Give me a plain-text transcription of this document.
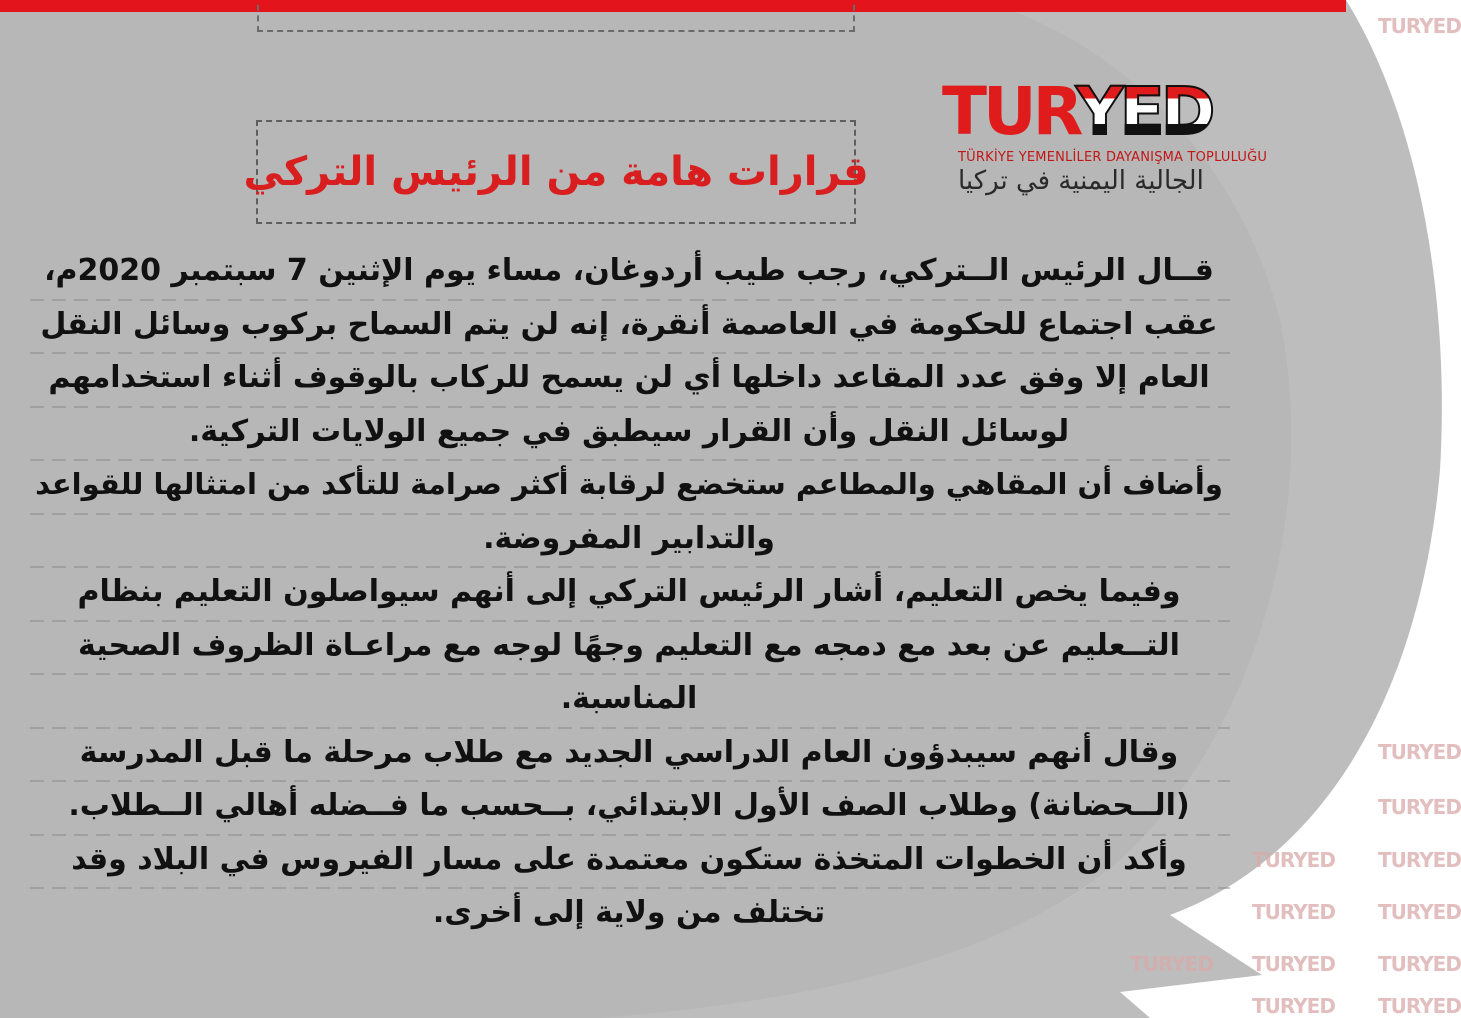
TURYED
TURYED
TURYED
TURYED
TURYED
TURYED
TURYED
TURYED
TURYED
TURYED TURYED
TURYED
TURYED
TÜRKİYE YEMENLİLER DAYANIŞMA TOPLULUĞU
الجالية اليمنية في تركيا
قرارات هامة من الرئيس التركي
قــال الرئيس الــتركي، رجب طيب أردوغان، مساء يوم الإثنين 7 سبتمبر 2020م،
عقب اجتماع للحكومة في العاصمة أنقرة، إنه لن يتم السماح بركوب وسائل النقل
العام إلا وفق عدد المقاعد داخلها أي لن يسمح للركاب بالوقوف أثناء استخدامهم
لوسائل النقل وأن القرار سيطبق في جميع الولايات التركية.
وأضاف أن المقاهي والمطاعم ستخضع لرقابة أكثر صرامة للتأكد من امتثالها للقواعد
والتدابير المفروضة.
وفيما يخص التعليم، أشار الرئيس التركي إلى أنهم سيواصلون التعليم بنظام
التــعليم عن بعد مع دمجه مع التعليم وجهًا لوجه مع مراعـاة الظروف الصحية
المناسبة.
وقال أنهم سيبدؤون العام الدراسي الجديد مع طلاب مرحلة ما قبل المدرسة
(الــحضانة) وطلاب الصف الأول الابتدائي، بــحسب ما فــضله أهالي الــطلاب.
وأكد أن الخطوات المتخذة ستكون معتمدة على مسار الفيروس في البلاد وقد
تختلف من ولاية إلى أخرى.
